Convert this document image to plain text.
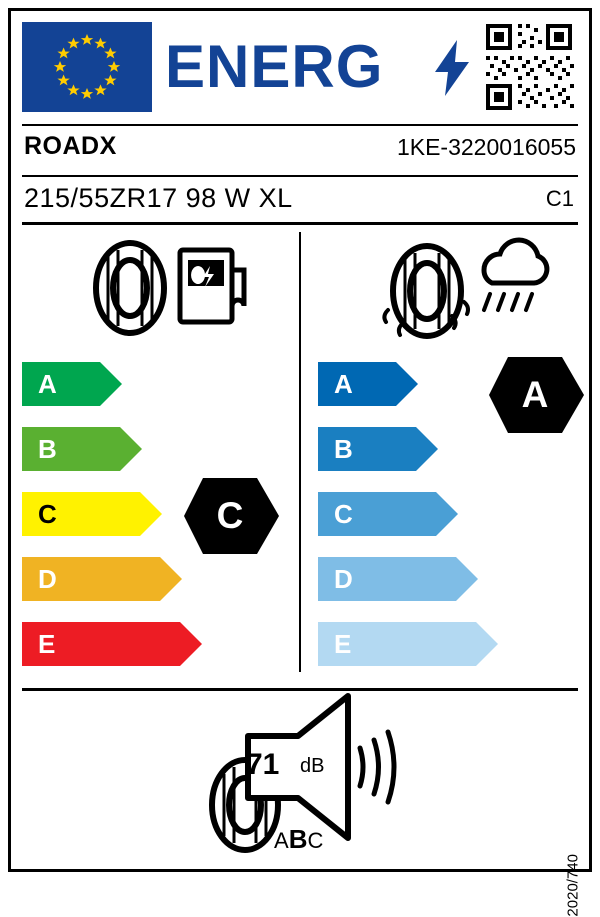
ENERG
ROADX	1KE-3220016055
215/55ZR17 98 W XL	C1
A
B
C
D
E
A
B
C
D
E
C
A
71 dB
ABC
2020/740
